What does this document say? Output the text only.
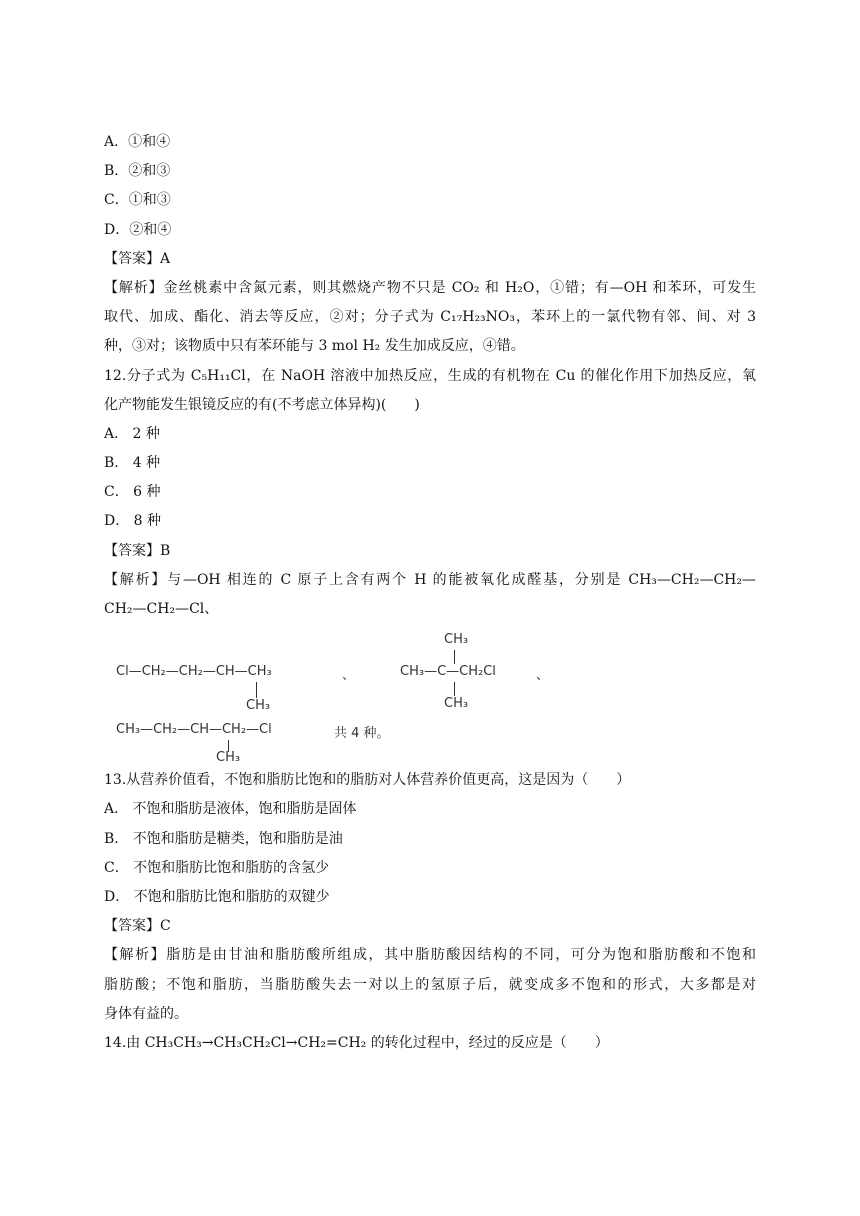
A．①和④
B．②和③
C．①和③
D．②和④
【答案】A
【解析】金丝桃素中含氮元素，则其燃烧产物不只是 CO₂ 和 H₂O，①错；有—OH 和苯环，可发生
取代、加成、酯化、消去等反应，②对；分子式为 C₁₇H₂₃NO₃，苯环上的一氯代物有邻、间、对 3
种，③对；该物质中只有苯环能与 3 mol H₂ 发生加成反应，④错。
12.分子式为 C₅H₁₁Cl，在 NaOH 溶液中加热反应，生成的有机物在 Cu 的催化作用下加热反应，氧
化产物能发生银镜反应的有(不考虑立体异构)(　　)
A． 2 种
B． 4 种
C． 6 种
D． 8 种
【答案】B
【解析】与—OH 相连的 C 原子上含有两个 H 的能被氧化成醛基，分别是 CH₃—CH₂—CH₂—
CH₂—CH₂—Cl、
Cl—CH₂—CH₂—CH—CH₃
CH₃
、
CH₃
CH₃—C—CH₂Cl
CH₃
、
CH₃—CH₂—CH—CH₂—Cl	共 4 种。
CH₃
13.从营养价值看，不饱和脂肪比饱和的脂肪对人体营养价值更高，这是因为（　　）
A． 不饱和脂肪是液体，饱和脂肪是固体
B． 不饱和脂肪是糖类，饱和脂肪是油
C． 不饱和脂肪比饱和脂肪的含氢少
D． 不饱和脂肪比饱和脂肪的双键少
【答案】C
【解析】脂肪是由甘油和脂肪酸所组成，其中脂肪酸因结构的不同，可分为饱和脂肪酸和不饱和
脂肪酸；不饱和脂肪，当脂肪酸失去一对以上的氢原子后，就变成多不饱和的形式，大多都是对
身体有益的。
14.由 CH₃CH₃→CH₃CH₂Cl→CH₂=CH₂ 的转化过程中，经过的反应是（　　）
